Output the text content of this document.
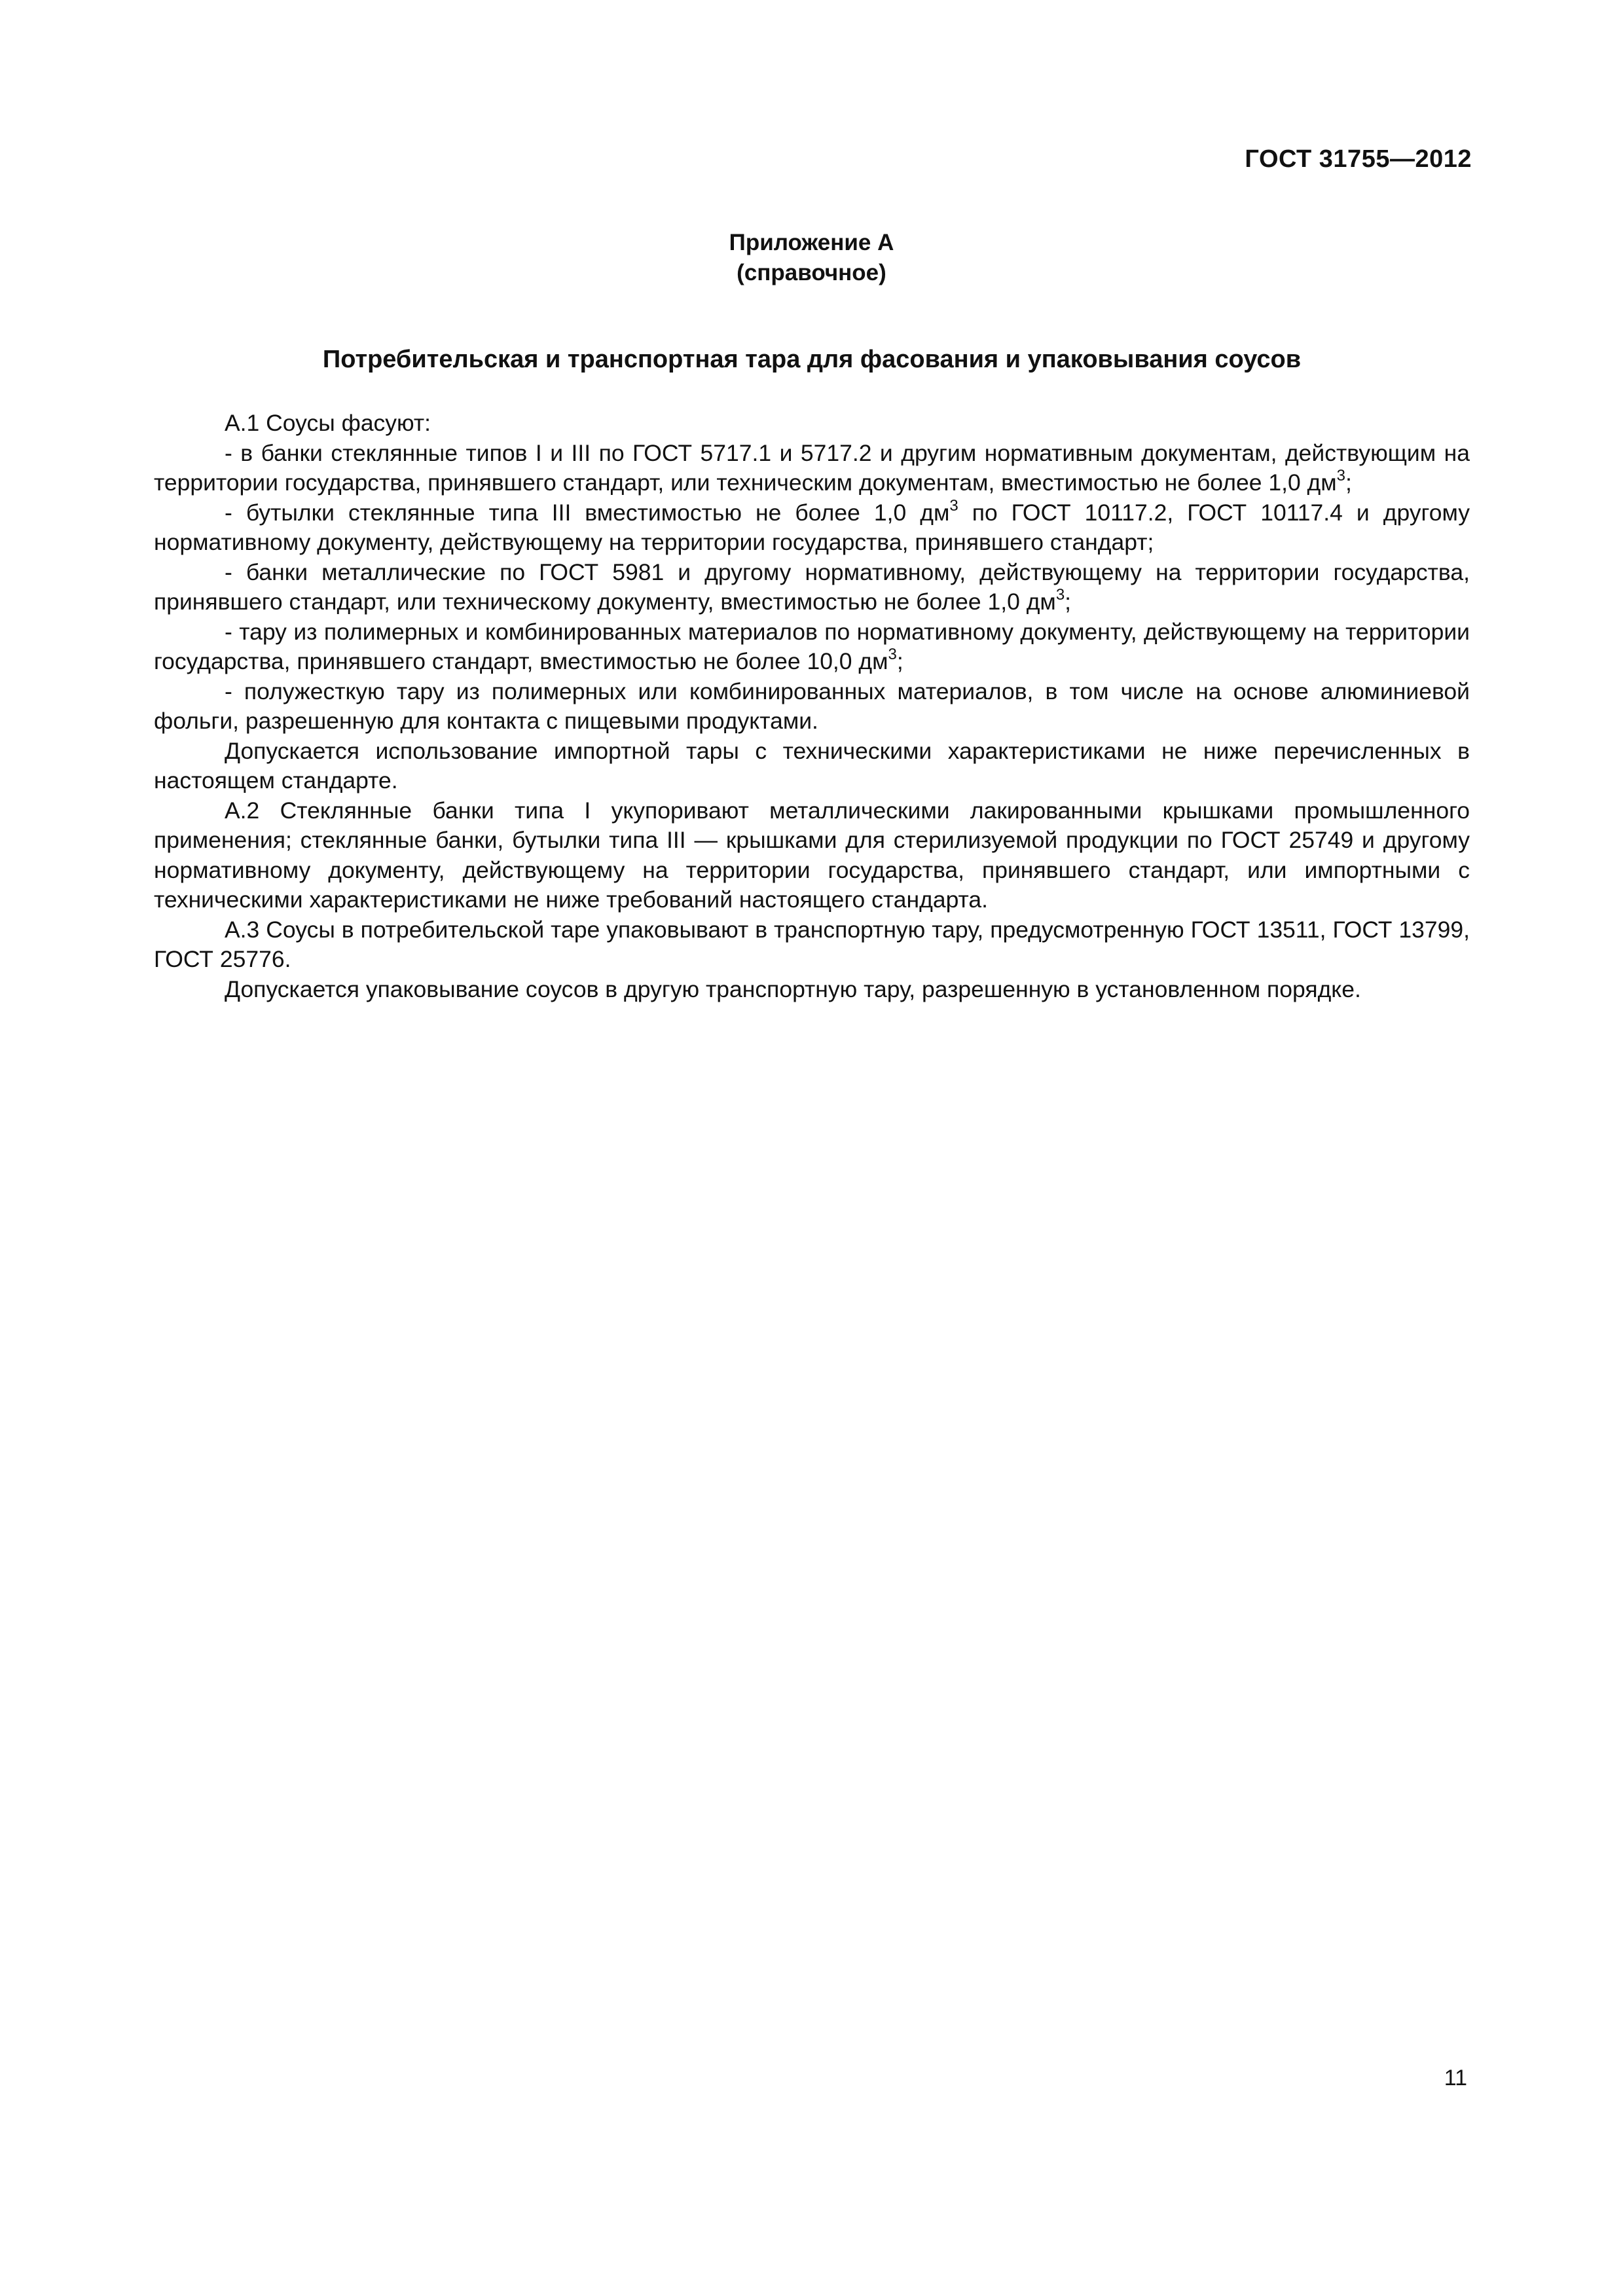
ГОСТ 31755—2012
Приложение А
(справочное)
Потребительская и транспортная тара для фасования и упаковывания соусов

А.1 Соусы фасуют:

- в банки стеклянные типов I и III по ГОСТ 5717.1 и 5717.2 и другим нормативным документам, действующим на территории государства, принявшего стандарт, или техническим документам, вместимостью не более 1,0 $дм^3$;

- бутылки стеклянные типа III вместимостью не более 1,0 $дм^3$ по ГОСТ 10117.2, ГОСТ 10117.4 и другому нормативному документу, действующему на территории государства, принявшего стандарт;

- банки металлические по ГОСТ 5981 и другому нормативному, действующему на территории государства, принявшего стандарт, или техническому документу, вместимостью не более 1,0 $дм^3$;

- тару из полимерных и комбинированных материалов по нормативному документу, действующему на территории государства, принявшего стандарт, вместимостью не более 10,0 $дм^3$;

- полужесткую тару из полимерных или комбинированных материалов, в том числе на основе алюминиевой фольги, разрешенную для контакта с пищевыми продуктами.

Допускается использование импортной тары с техническими характеристиками не ниже перечисленных в настоящем стандарте.

А.2 Стеклянные банки типа I укупоривают металлическими лакированными крышками промышленного применения; стеклянные банки, бутылки типа III — крышками для стерилизуемой продукции по ГОСТ 25749 и другому нормативному документу, действующему на территории государства, принявшего стандарт, или импортными с техническими характеристиками не ниже требований настоящего стандарта.

А.3 Соусы в потребительской таре упаковывают в транспортную тару, предусмотренную ГОСТ 13511, ГОСТ 13799, ГОСТ 25776.

Допускается упаковывание соусов в другую транспортную тару, разрешенную в установленном порядке.

11
